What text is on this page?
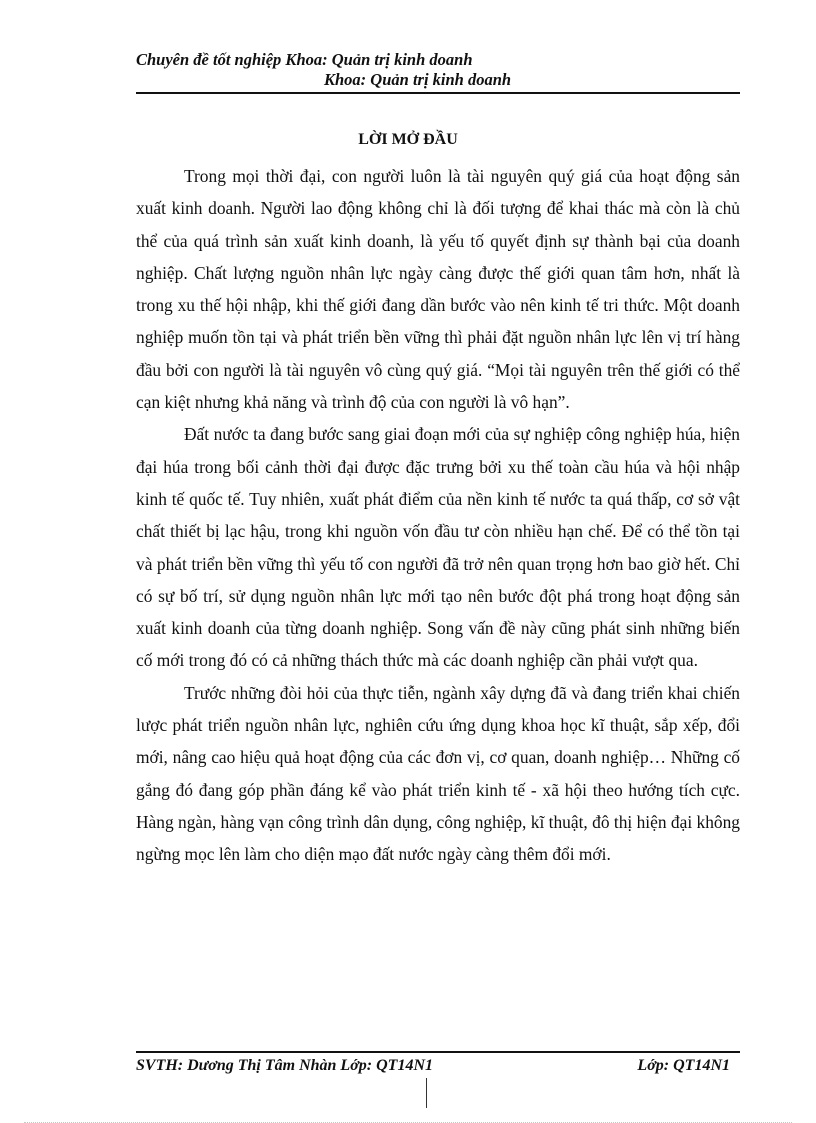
Chuyên đề tốt nghiệp Khoa: Quản trị kinh doanh
Khoa: Quản trị kinh doanh
LỜI MỞ ĐẦU

Trong mọi thời đại, con người luôn là tài nguyên quý giá của hoạt động sản xuất kinh doanh. Người lao động không chỉ là đối tượng để khai thác mà còn là chủ thể của quá trình sản xuất kinh doanh, là yếu tố quyết định sự thành bại của doanh nghiệp. Chất lượng nguồn nhân lực ngày càng được thế giới quan tâm hơn, nhất là trong xu thế hội nhập, khi thế giới đang dần bước vào nên kinh tế tri thức. Một doanh nghiệp muốn tồn tại và phát triển bền vững thì phải đặt nguồn nhân lực lên vị trí hàng đầu bởi con người là tài nguyên vô cùng quý giá. “Mọi tài nguyên trên thế giới có thể cạn kiệt nhưng khả năng và trình độ của con người là vô hạn”.

Đất nước ta đang bước sang giai đoạn mới của sự nghiệp công nghiệp húa, hiện đại húa trong bối cảnh thời đại được đặc trưng bởi xu thế toàn cầu húa và hội nhập kinh tế quốc tế. Tuy nhiên, xuất phát điểm của nền kinh tế nước ta quá thấp, cơ sở vật chất thiết bị lạc hậu, trong khi nguồn vốn đầu tư còn nhiều hạn chế. Để có thể tồn tại và phát triển bền vững thì yếu tố con người đã trở nên quan trọng hơn bao giờ hết. Chỉ có sự bố trí, sử dụng nguồn nhân lực mới tạo nên bước đột phá trong hoạt động sản xuất kinh doanh của từng doanh nghiệp. Song vấn đề này cũng phát sinh những biến cố mới trong đó có cả những thách thức mà các doanh nghiệp cần phải vượt qua.

Trước những đòi hỏi của thực tiễn, ngành xây dựng đã và đang triển khai chiến lược phát triển nguồn nhân lực, nghiên cứu ứng dụng khoa học kĩ thuật, sắp xếp, đổi mới, nâng cao hiệu quả hoạt động của các đơn vị, cơ quan, doanh nghiệp… Những cố gắng đó đang góp phần đáng kể vào phát triển kinh tế - xã hội theo hướng tích cực. Hàng ngàn, hàng vạn công trình dân dụng, công nghiệp, kĩ thuật, đô thị hiện đại không ngừng mọc lên làm cho diện mạo đất nước ngày càng thêm đổi mới.

SVTH: Dương Thị Tâm Nhàn Lớp: QT14N1	Lớp: QT14N1
